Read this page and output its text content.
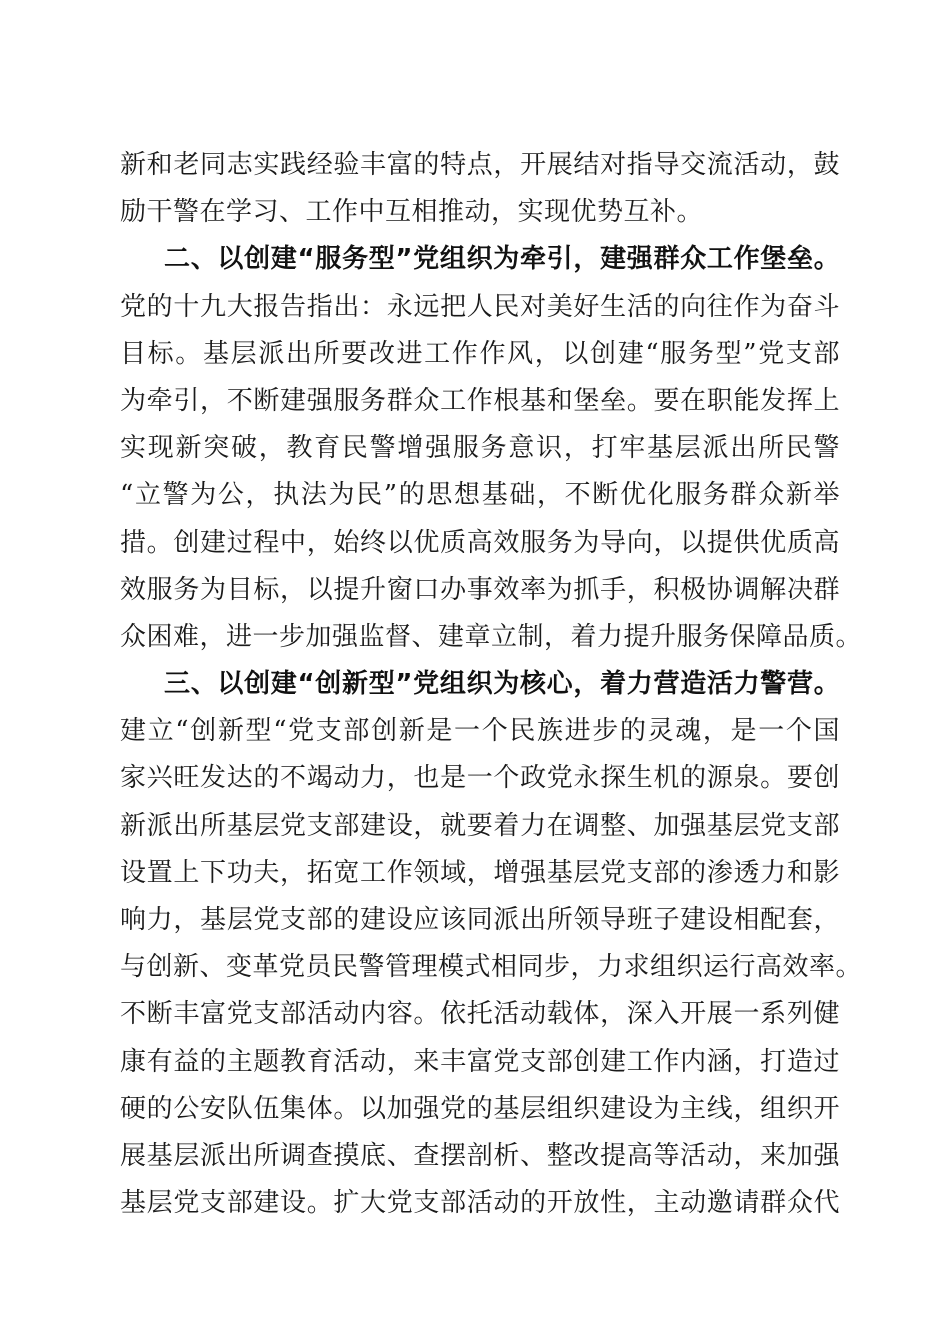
新和老同志实践经验丰富的特点，开展结对指导交流活动，鼓
励干警在学习、工作中互相推动，实现优势互补。
二、以创建“服务型”党组织为牵引，建强群众工作堡垒。
党的十九大报告指出：永远把人民对美好生活的向往作为奋斗
目标。基层派出所要改进工作作风，以创建“服务型”党支部
为牵引，不断建强服务群众工作根基和堡垒。要在职能发挥上
实现新突破，教育民警增强服务意识，打牢基层派出所民警
“立警为公，执法为民”的思想基础，不断优化服务群众新举
措。创建过程中，始终以优质高效服务为导向，以提供优质高
效服务为目标，以提升窗口办事效率为抓手，积极协调解决群
众困难，进一步加强监督、建章立制，着力提升服务保障品质。
三、以创建“创新型”党组织为核心，着力营造活力警营。
建立“创新型“党支部创新是一个民族进步的灵魂，是一个国
家兴旺发达的不竭动力，也是一个政党永探生机的源泉。要创
新派出所基层党支部建设，就要着力在调整、加强基层党支部
设置上下功夫，拓宽工作领域，增强基层党支部的渗透力和影
响力，基层党支部的建设应该同派出所领导班子建设相配套，
与创新、变革党员民警管理模式相同步，力求组织运行高效率。
不断丰富党支部活动内容。依托活动载体，深入开展一系列健
康有益的主题教育活动，来丰富党支部创建工作内涵，打造过
硬的公安队伍集体。以加强党的基层组织建设为主线，组织开
展基层派出所调查摸底、查摆剖析、整改提高等活动，来加强
基层党支部建设。扩大党支部活动的开放性，主动邀请群众代
